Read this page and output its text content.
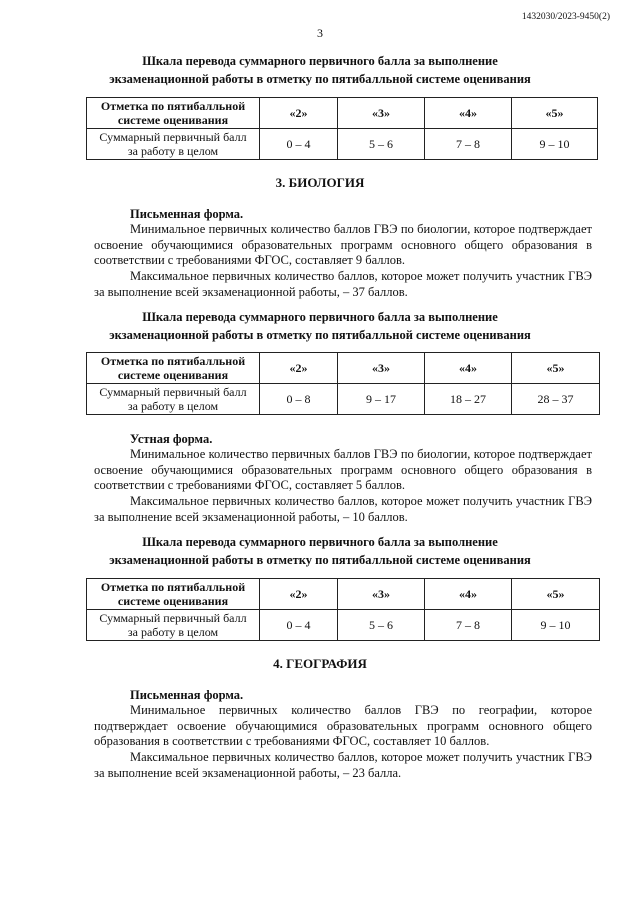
1432030/2023-9450(2)
3
Шкала перевода суммарного первичного балла за выполнение
экзаменационной работы в отметку по пятибалльной системе оценивания
Отметка по пятибалльной
системе оценивания	«2»	«3»	«4»	«5»

Суммарный первичный балл
за работу в целом	0 – 4	5 – 6	7 – 8	9 – 10
3. БИОЛОГИЯ
Письменная форма.
Минимальное первичных количество баллов ГВЭ по биологии, которое подтверждает освоение обучающимися образовательных программ основного общего образования в соответствии с требованиями ФГОС, составляет 9 баллов.
Максимальное первичных количество баллов, которое может получить участник ГВЭ за выполнение всей экзаменационной работы, – 37 баллов.
Шкала перевода суммарного первичного балла за выполнение
экзаменационной работы в отметку по пятибалльной системе оценивания
Отметка по пятибалльной
системе оценивания	«2»	«3»	«4»	«5»

Суммарный первичный балл
за работу в целом	0 – 8	9 – 17	18 – 27	28 – 37
Устная форма.
Минимальное количество первичных баллов ГВЭ по биологии, которое подтверждает освоение обучающимися образовательных программ основного общего образования в соответствии с требованиями ФГОС, составляет 5 баллов.
Максимальное первичных количество баллов, которое может получить участник ГВЭ за выполнение всей экзаменационной работы, – 10 баллов.
Шкала перевода суммарного первичного балла за выполнение
экзаменационной работы в отметку по пятибалльной системе оценивания
Отметка по пятибалльной
системе оценивания	«2»	«3»	«4»	«5»

Суммарный первичный балл
за работу в целом	0 – 4	5 – 6	7 – 8	9 – 10
4. ГЕОГРАФИЯ
Письменная форма.
Минимальное первичных количество баллов ГВЭ по географии, которое подтверждает освоение обучающимися образовательных программ основного общего образования в соответствии с требованиями ФГОС, составляет 10 баллов.
Максимальное первичных количество баллов, которое может получить участник ГВЭ за выполнение всей экзаменационной работы, – 23 балла.
